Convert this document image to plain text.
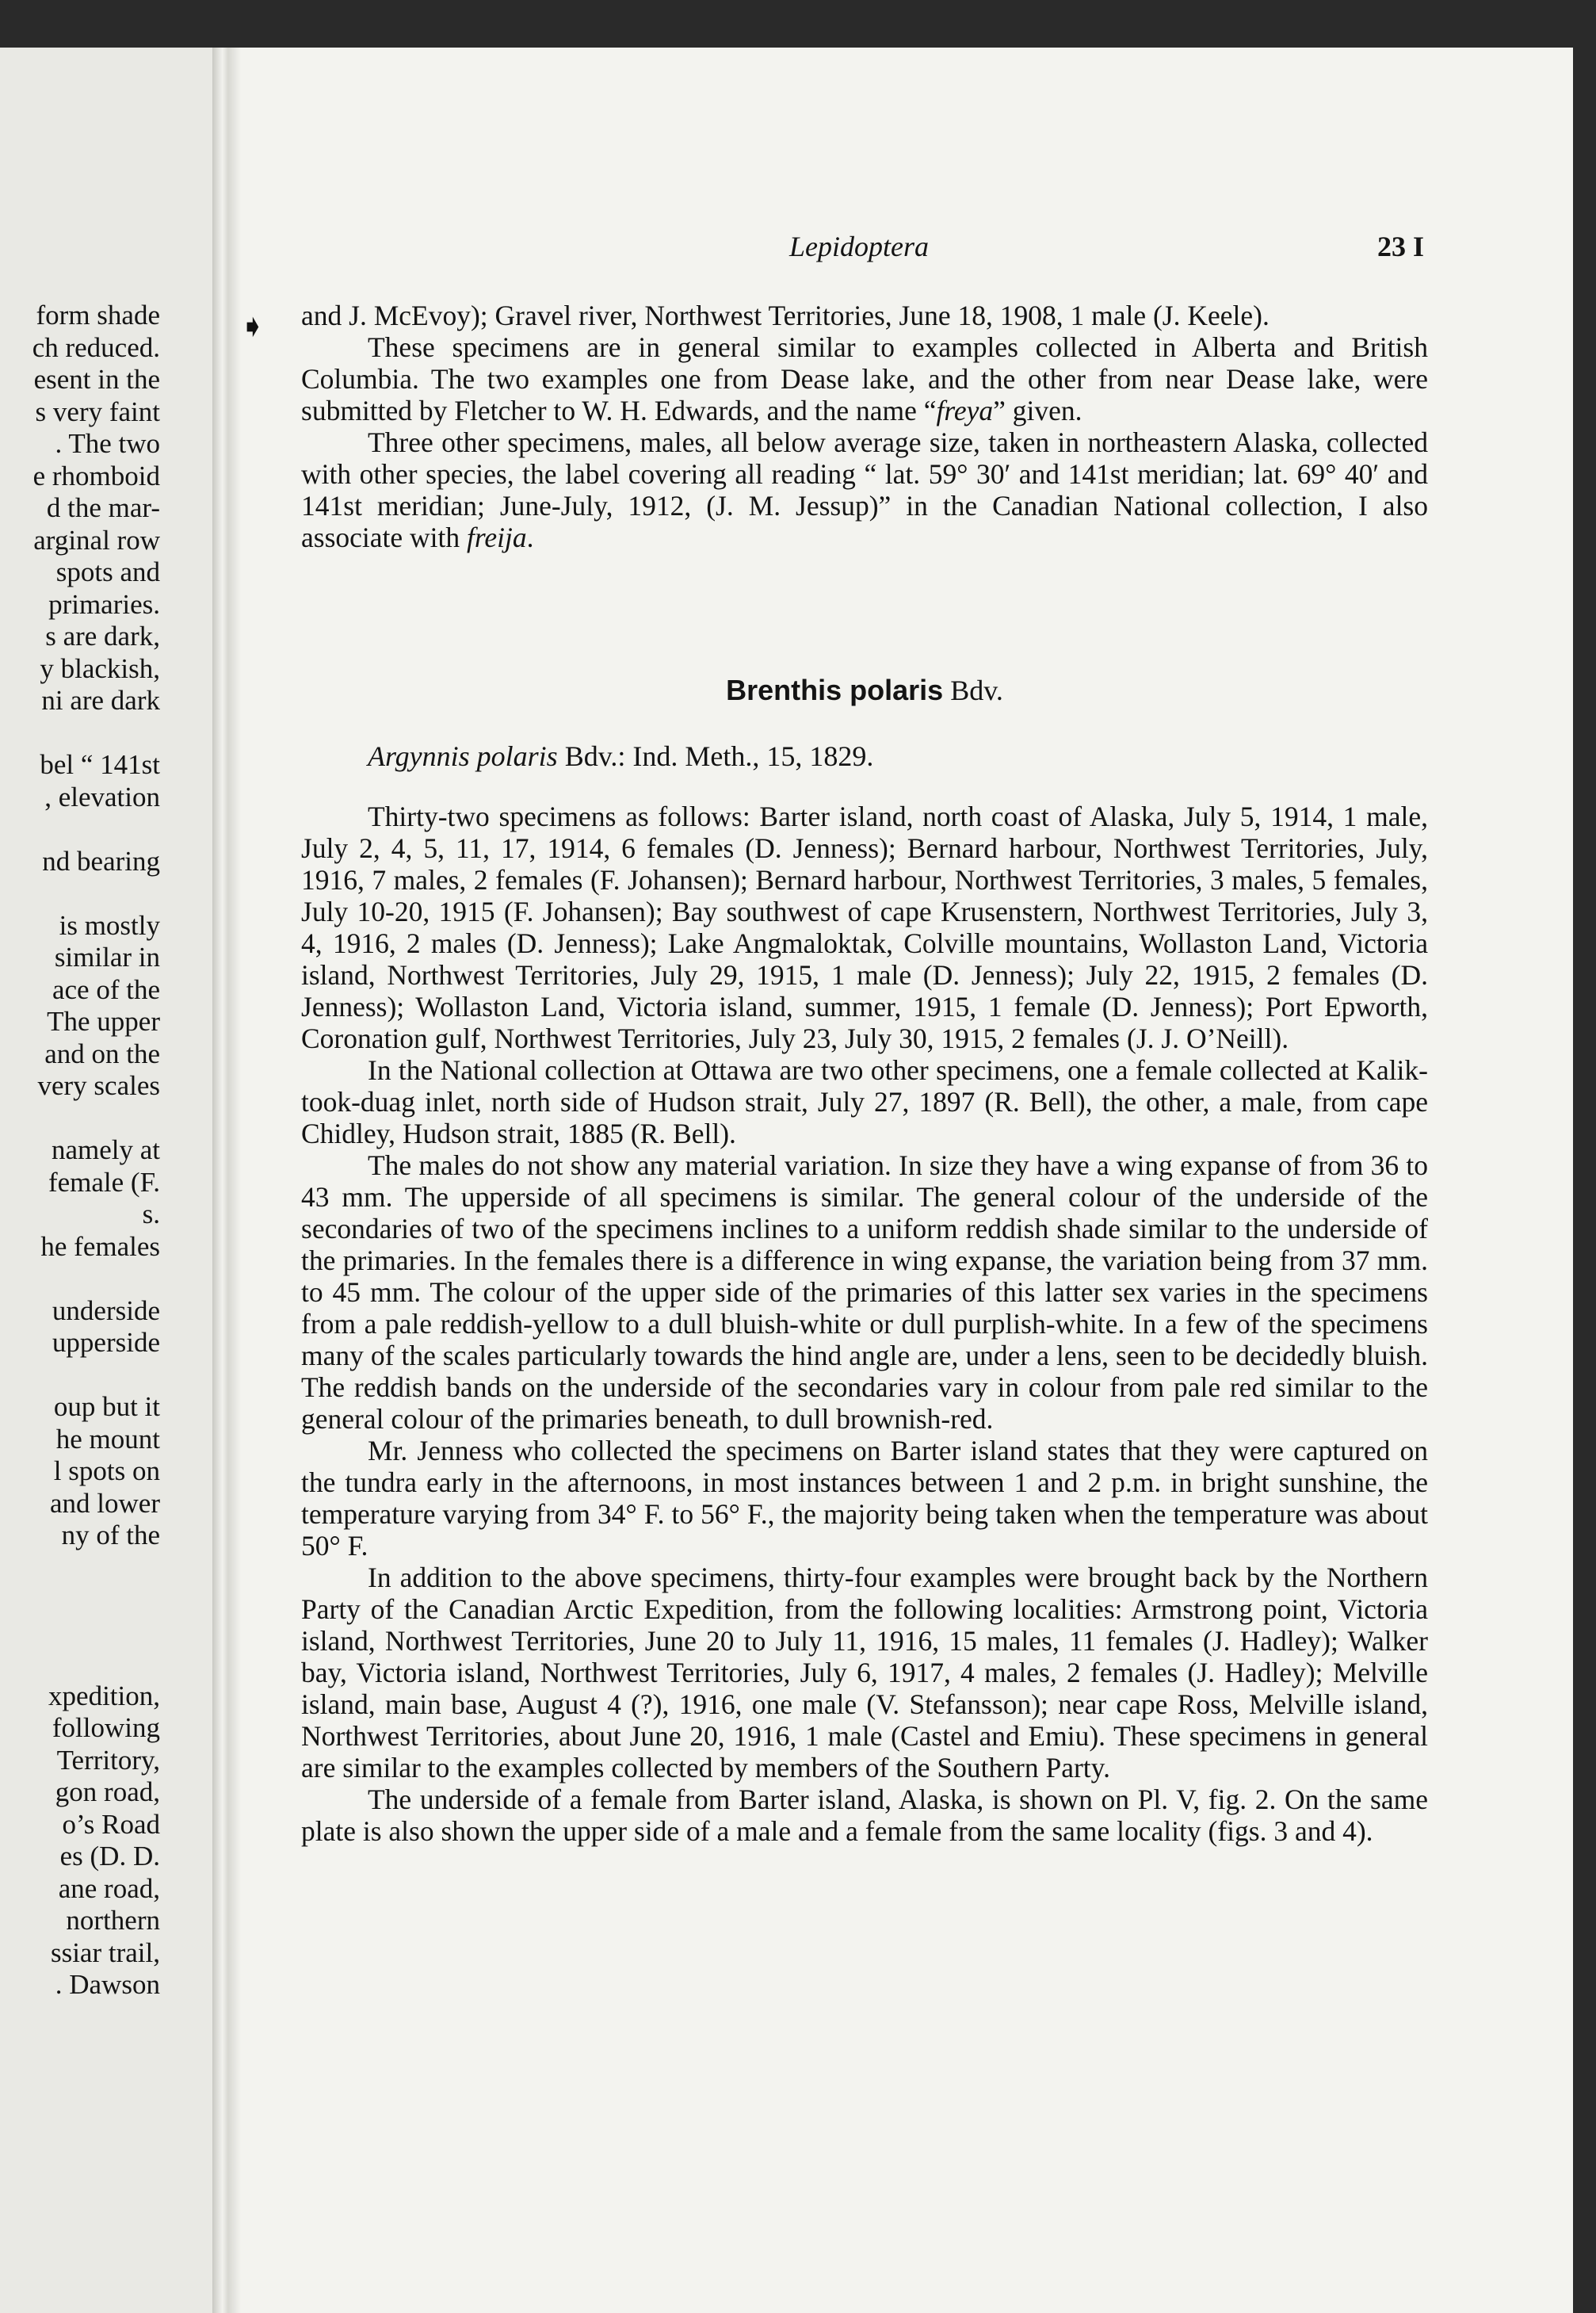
form shade
ch reduced.
esent in the
s very faint
. The two
e rhomboid
d the mar-
arginal row
spots and
primaries.
s are dark,
y blackish,
ni are dark
bel “ 141st
, elevation
nd bearing
is mostly
similar in
ace of the
The upper
and on the
very scales
namely at
female (F.
s.
he females
underside
upperside
oup but it
he mount
l spots on
and lower
ny of the
xpedition,
following
Territory,
gon road,
o’s Road
es (D. D.
ane road,
northern
ssiar trail,
. Dawson
Lepidoptera	23 I
➧ and J. McEvoy); Gravel river, Northwest Territories, June 18, 1908, 1 male (J. Keele).

These specimens are in general similar to examples collected in Alberta and British Columbia. The two examples one from Dease lake, and the other from near Dease lake, were submitted by Fletcher to W. H. Edwards, and the name “freya” given.

Three other specimens, males, all below average size, taken in northeastern Alaska, collected with other species, the label covering all reading “ lat. 59° 30′ and 141st meridian; lat. 69° 40′ and 141st meridian; June-July, 1912, (J. M. Jessup)” in the Canadian National collection, I also associate with freija.

Brenthis polaris Bdv.
Argynnis polaris Bdv.: Ind. Meth., 15, 1829.

Thirty-two specimens as follows: Barter island, north coast of Alaska, July 5, 1914, 1 male, July 2, 4, 5, 11, 17, 1914, 6 females (D. Jenness); Bernard harbour, Northwest Territories, July, 1916, 7 males, 2 females (F. Johansen); Bernard harbour, Northwest Territories, 3 males, 5 females, July 10-20, 1915 (F. Johansen); Bay southwest of cape Krusenstern, Northwest Territories, July 3, 4, 1916, 2 males (D. Jenness); Lake Angmaloktak, Colville mountains, Wollaston Land, Victoria island, Northwest Territories, July 29, 1915, 1 male (D. Jenness); July 22, 1915, 2 females (D. Jenness); Wollaston Land, Victoria island, summer, 1915, 1 female (D. Jenness); Port Epworth, Coronation gulf, Northwest Territories, July 23, July 30, 1915, 2 females (J. J. O’Neill).

In the National collection at Ottawa are two other specimens, one a female collected at Kalik-took-duag inlet, north side of Hudson strait, July 27, 1897 (R. Bell), the other, a male, from cape Chidley, Hudson strait, 1885 (R. Bell).

The males do not show any material variation. In size they have a wing expanse of from 36 to 43 mm. The upperside of all specimens is similar. The general colour of the underside of the secondaries of two of the specimens inclines to a uniform reddish shade similar to the underside of the primaries. In the females there is a difference in wing expanse, the variation being from 37 mm. to 45 mm. The colour of the upper side of the primaries of this latter sex varies in the specimens from a pale reddish-yellow to a dull bluish-white or dull purplish-white. In a few of the specimens many of the scales particularly towards the hind angle are, under a lens, seen to be decidedly bluish. The reddish bands on the underside of the secondaries vary in colour from pale red similar to the general colour of the primaries beneath, to dull brownish-red.

Mr. Jenness who collected the specimens on Barter island states that they were captured on the tundra early in the afternoons, in most instances between 1 and 2 p.m. in bright sunshine, the temperature varying from 34° F. to 56° F., the majority being taken when the temperature was about 50° F.

In addition to the above specimens, thirty-four examples were brought back by the Northern Party of the Canadian Arctic Expedition, from the following localities: Armstrong point, Victoria island, Northwest Territories, June 20 to July 11, 1916, 15 males, 11 females (J. Hadley); Walker bay, Victoria island, Northwest Territories, July 6, 1917, 4 males, 2 females (J. Hadley); Melville island, main base, August 4 (?), 1916, one male (V. Stefansson); near cape Ross, Melville island, Northwest Territories, about June 20, 1916, 1 male (Castel and Emiu). These specimens in general are similar to the examples collected by members of the Southern Party.

The underside of a female from Barter island, Alaska, is shown on Pl. V, fig. 2. On the same plate is also shown the upper side of a male and a female from the same locality (figs. 3 and 4).
